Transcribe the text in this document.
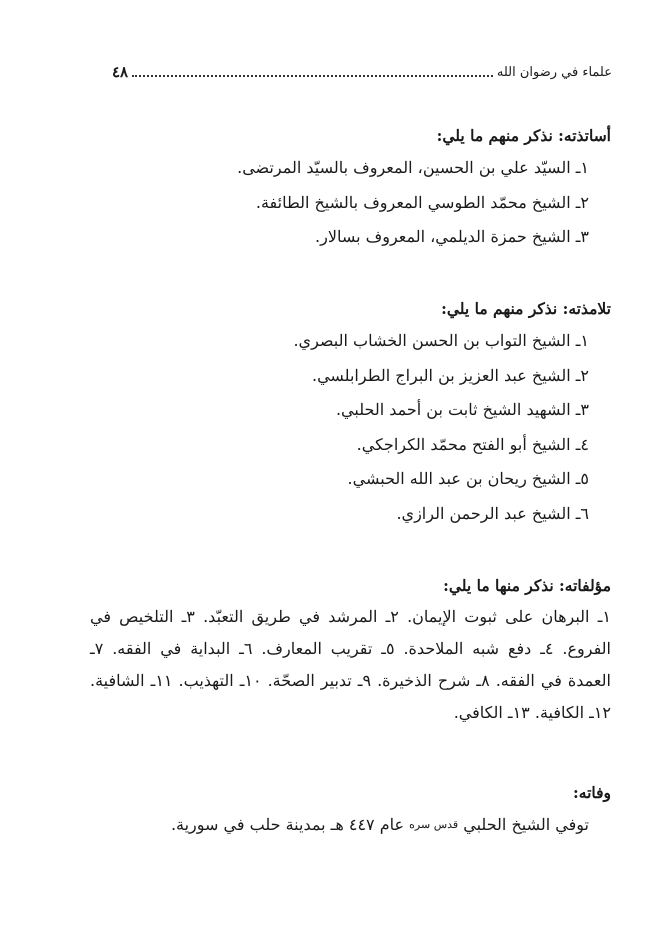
علماء في رضوان الله
٤٨

أساتذته: نذكر منهم ما يلي:

١ـ السيّد علي بن الحسين، المعروف بالسيّد المرتضى.
٢ـ الشيخ محمّد الطوسي المعروف بالشيخ الطائفة.
٣ـ الشيخ حمزة الديلمي، المعروف بسالار.

تلامذته: نذكر منهم ما يلي:

١ـ الشيخ التواب بن الحسن الخشاب البصري.
٢ـ الشيخ عبد العزيز بن البراج الطرابلسي.
٣ـ الشهيد الشيخ ثابت بن أحمد الحلبي.
٤ـ الشيخ أبو الفتح محمّد الكراجكي.
٥ـ الشيخ ريحان بن عبد الله الحبشي.
٦ـ الشيخ عبد الرحمن الرازي.

مؤلفاته: نذكر منها ما يلي:

١ـ البرهان على ثبوت الإيمان. ٢ـ المرشد في طريق التعبّد. ٣ـ التلخيص في الفروع. ٤ـ دفع شبه الملاحدة. ٥ـ تقريب المعارف. ٦ـ البداية في الفقه. ٧ـ العمدة في الفقه. ٨ـ شرح الذخيرة. ٩ـ تدبير الصحّة. ١٠ـ التهذيب. ١١ـ الشافية. ١٢ـ الكافية. ١٣ـ الكافي.

وفاته:

توفي الشيخ الحلبي قدس سره عام ٤٤٧ هـ بمدينة حلب في سورية.
